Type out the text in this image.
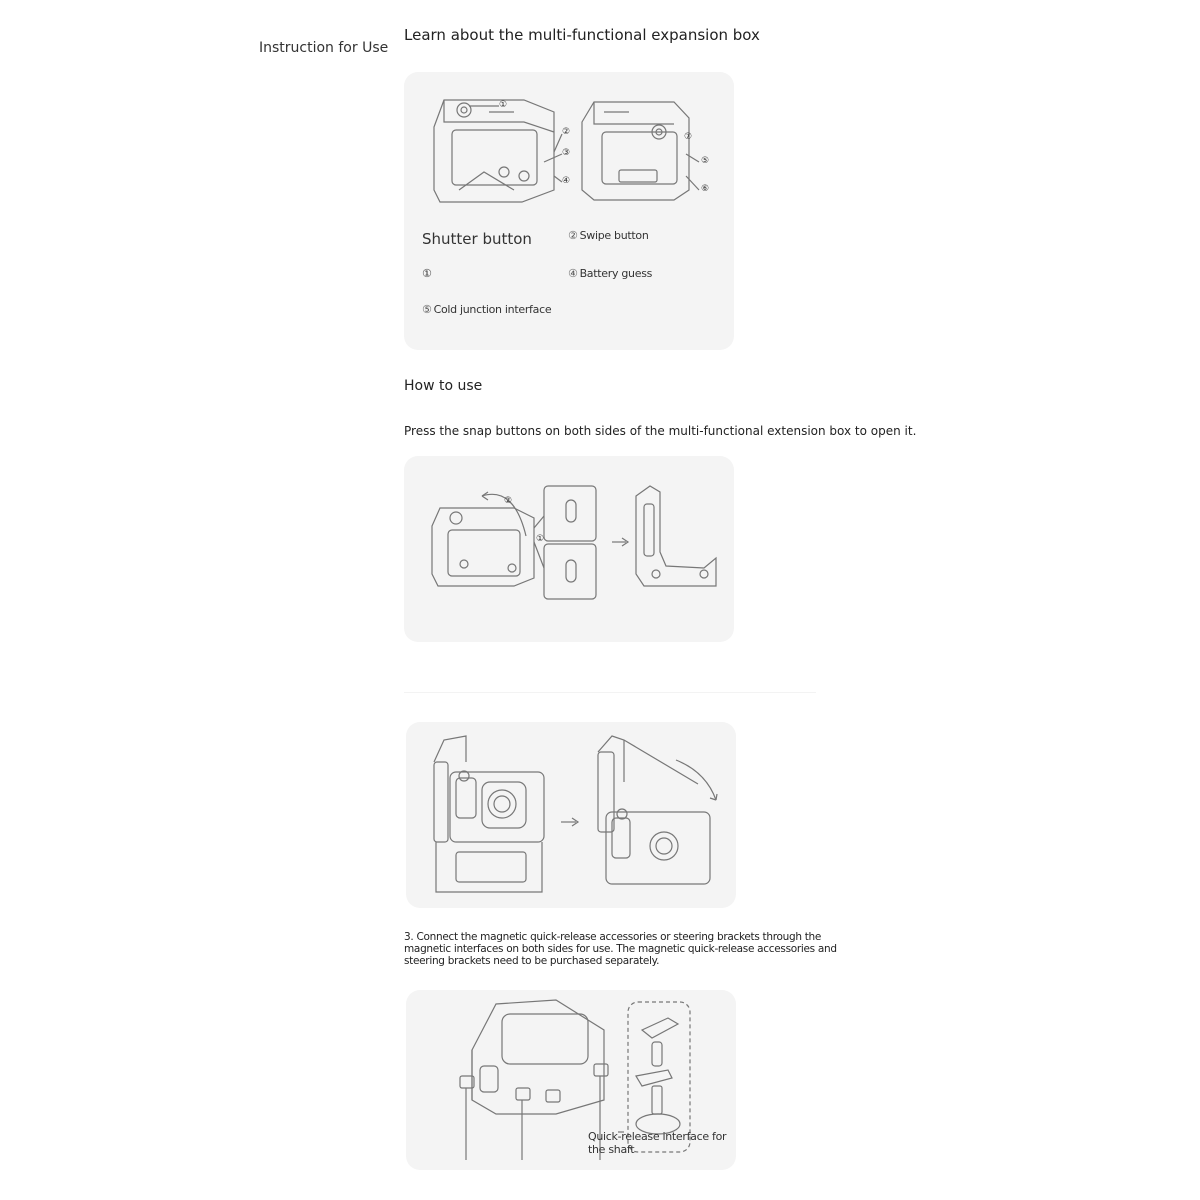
Instruction for Use
Learn about the multi-functional expansion box
①
②
③
④
⑤
⑥
⑦
Shutter button	② Swipe button
①	④ Battery guess
⑤ Cold junction interface
How to use
Press the snap buttons on both sides of the multi-functional extension box to open it.
②
①
3. Connect the magnetic quick-release accessories or steering brackets through the magnetic interfaces on both sides for use. The magnetic quick-release accessories and steering brackets need to be purchased separately.
Quick-release interface for the shaft
